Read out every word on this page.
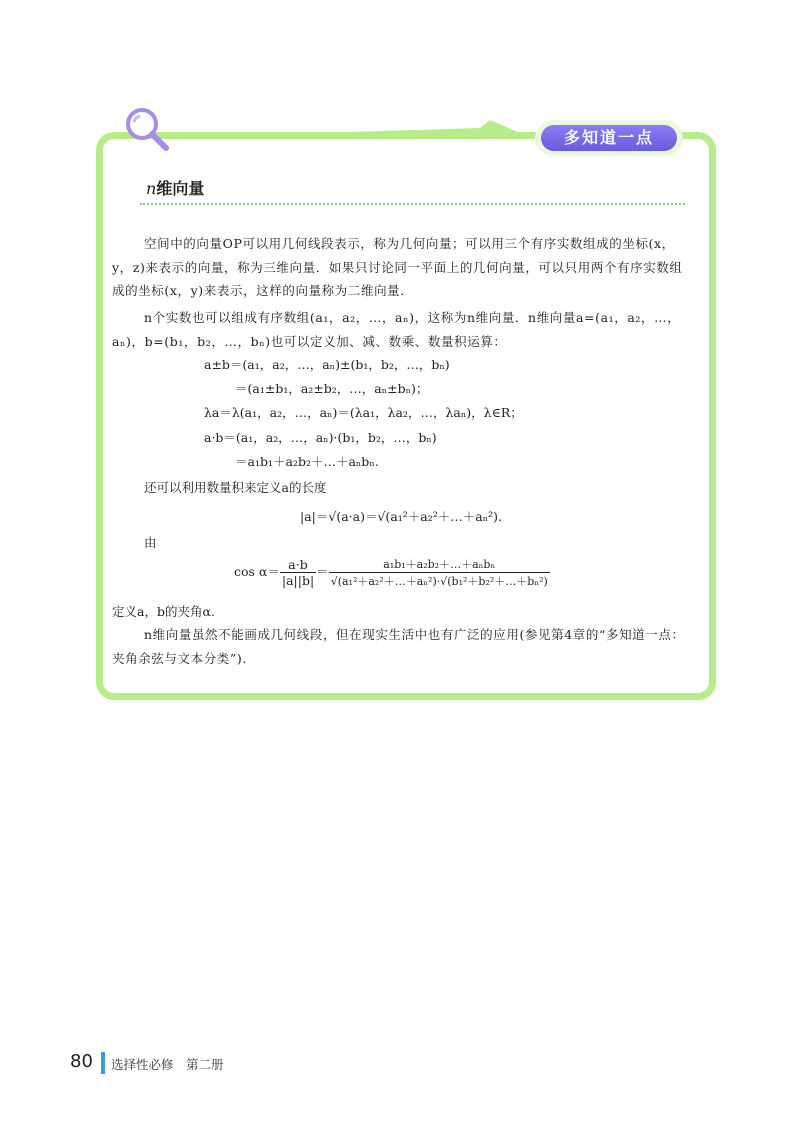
多知道一点
n维向量
空间中的向量OP可以用几何线段表示，称为几何向量；可以用三个有序实数组成的坐标(x，y，z)来表示的向量，称为三维向量．如果只讨论同一平面上的几何向量，可以只用两个有序实数组成的坐标(x，y)来表示，这样的向量称为二维向量．
n个实数也可以组成有序数组(a₁，a₂，…，aₙ)，这称为n维向量．n维向量a=(a₁，a₂，…，aₙ)，b=(b₁，b₂，…，bₙ)也可以定义加、减、数乘、数量积运算：
a±b＝(a₁，a₂，…，aₙ)±(b₁，b₂，…，bₙ)
＝(a₁±b₁，a₂±b₂，…，aₙ±bₙ)；
λa＝λ(a₁，a₂，…，aₙ)＝(λa₁，λa₂，…，λaₙ)，λ∈R；
a·b＝(a₁，a₂，…，aₙ)·(b₁，b₂，…，bₙ)
＝a₁b₁＋a₂b₂＋…＋aₙbₙ.
还可以利用数量积来定义a的长度
|a|＝√(a·a)＝√(a₁²＋a₂²＋…＋aₙ²).
由
$\cos \alpha= \frac{a\cdot b}{|a||b|} = \frac{\text{a₁b₁＋a₂b₂＋…＋aₙbₙ}}{\text{√(a₁²＋a₂²＋…＋aₙ²)·√(b₁²＋b₂²＋…＋bₙ²)}}$
定义a，b的夹角α.
n维向量虽然不能画成几何线段，但在现实生活中也有广泛的应用(参见第4章的“多知道一点：夹角余弦与文本分类”).
80 选择性必修　第二册
